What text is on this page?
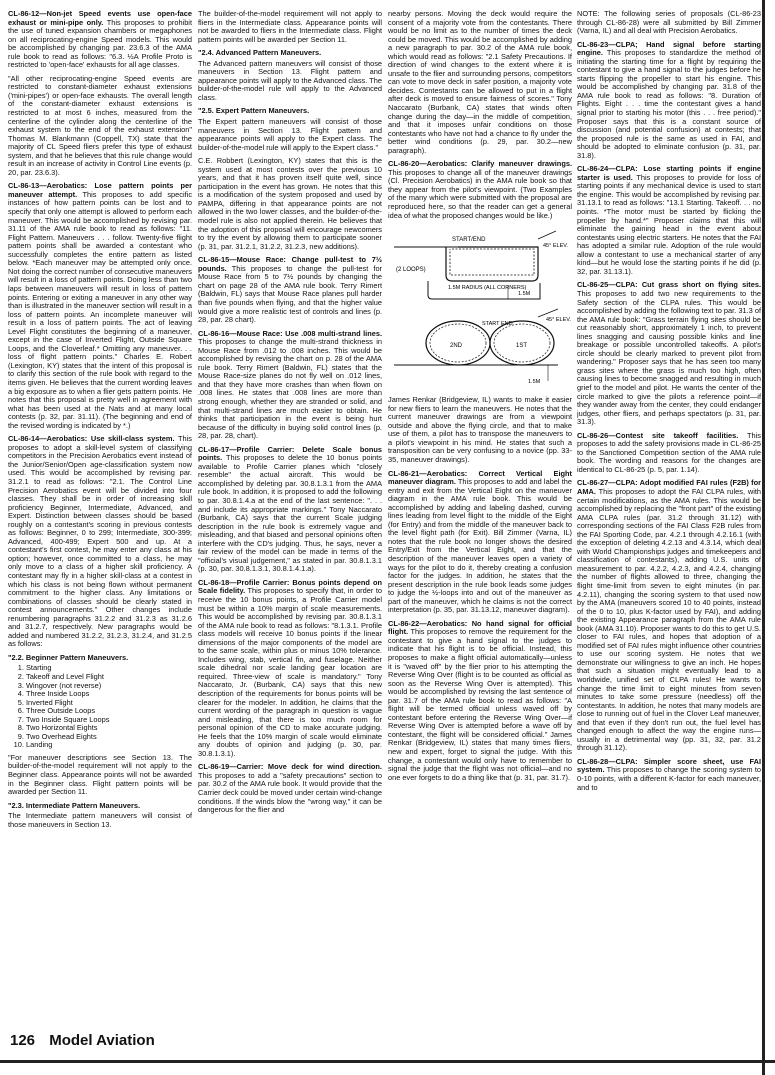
CL-86-12—Non-jet Speed events use open-face exhaust or mini-pipe only. This proposes to prohibit the use of tuned expansion chambers or megaphones on all reciprocating-engine Speed models. This would be accomplished by changing par. 23.6.3 of the AMA rule book to read as follows: "6.3. ½A Profile Proto is restricted to 'open-face' exhausts for all age classes.

"All other reciprocating-engine Speed events are restricted to constant-diameter exhaust extensions ('mini-pipes') or open-face exhausts. The overall length of the constant-diameter exhaust extensions is restricted to at most 6 inches, measured from the centerline of the cylinder along the centerline of the exhaust system to the end of the exhaust extension" Thomas M. Blankmann (Coppell, TX) state that the majority of CL Speed fliers prefer this type of exhaust system, and that he believes that this rule change would result in an increase of activity in Control Line events (p. 20, par. 23.6.3).

CL-86-13—Aerobatics: Lose pattern points per maneuver attempt. This proposes to add specific instances of how pattern points can be lost and to specify that only one attempt is allowed to perform each maneuver. This would be accomplished by revising par. 31.11 of the AMA rule book to read as follows: "11. Flight Pattern. Maneuvers . . . follow. Twenty-five flight pattern points shall be awarded a contestant who successfully completes the entire pattern as listed below. *Each maneuver may be attempted only once. Not doing the correct number of consecutive maneuvers will result in a loss of pattern points. Doing less than two laps between maneuvers will result in loss of pattern points. Entering or exiting a maneuver in any other way than is illustrated in the maneuver section will result in a loss of pattern points. An incomplete maneuver will result in a loss of pattern points. The act of leaving Level Flight constitutes the beginning of a maneuver, except in the case of Inverted Flight, Outside Square Loops, and the Cloverleaf.* Omitting any maneuver. . . loss of flight pattern points." Charles E. Robert (Lexington, KY) states that the intent of this proposal is to clarify this section of the rule book with regard to the items given. He believes that the current wording leaves a big exposure as to when a flier gets pattern points. He notes that this proposal is pretty well in agreement with what has been used at the Nats and at many local contests (p. 32, par. 31.11). (The beginning and end of the revised wording is indicated by *.)

CL-86-14—Aerobatics: Use skill-class system. This proposes to adopt a skill-level system of classifying competitors in the Precision Aerobatics event instead of the Junior/Senior/Open age-classification system now used. This would be accomplished by revising par. 31.2.1 to read as follows: "2.1. The Control Line Precision Aerobatics event will be divided into four classes. They shall be in order of increasing skill proficiency Beginner, Intermediate, Advanced, and Expert. Distinction between classes should be based roughly on a contestant's scoring in previous contests as follows: Beginner, 0 to 299; Intermediate, 300-399; Advanced, 400-499; Expert 500 and up. At a contestant's first contest, he may enter any class at his option; however, once committed to a class, he may only move to a class of a higher skill proficiency. A contestant may fly in a higher skill-class at a contest in which his class is not being flown without permanent commitment to the higher class. Any limitations or combinations of classes should be clearly stated in contest announcements." Other changes include renumbering paragraphs 31.2.2 and 31.2.3 as 31.2.6 and 31.2.7, respectively. New paragraphs would be added and numbered 31.2.2, 31.2.3, 31.2.4, and 31.2.5 as follows:

"2.2. Beginner Pattern Maneuvers.
1. Starting
2. Takeoff and Level Flight
3. Wingover (not reverse)
4. Three Inside Loops
5. Inverted Flight
6. Three Outside Loops
7. Two Inside Square Loops
8. Two Horizontal Eights
9. Two Overhead Eights
10. Landing

"For maneuver descriptions see Section 13. The builder-of-the-model requirement will not apply to the Beginner class. Appearance points will not be awarded in the Beginner class. Flight pattern points will be awarded per Section 11.

"2.3. Intermediate Pattern Maneuvers.

The Intermediate pattern maneuvers will consist of those maneuvers in Section 13.

The builder-of-the-model requirement will not apply to fliers in the Intermediate class. Appearance points will not be awarded to fliers in the Intermediate class. Flight pattern points will be awarded per Section 11.

"2.4. Advanced Pattern Maneuvers.

The Advanced pattern maneuvers will consist of those maneuvers in Section 13. Flight pattern and appearance points will apply to the Advanced class. The builder-of-the-model rule will apply to the Advanced class.

"2.5. Expert Pattern Maneuvers.

The Expert pattern maneuvers will consist of those maneuvers in Section 13. Flight pattern and appearance points will apply to the Expert class. The builder-of-the-model rule will apply to the Expert class."

C.E. Robbert (Lexington, KY) states that this is the system used at most contests over the previous 10 years, and that it has proven itself quite well, since participation in the event has grown. He notes that this is a modification of the system proposed and used by PAMPA, differing in that appearance points are not allowed in the two lower classes, and the builder-of-the-model rule is also not applied therein. He believes that the adoption of this proposal will encourage newcomers to try the event by allowing them to participate sooner (p. 31, par. 31.2.1, 31.2.2, 31.2.3, new additions).

CL-86-15—Mouse Race: Change pull-test to 7½ pounds. This proposes to change the pull-test for Mouse Race from 5 to 7½ pounds by changing the chart on page 28 of the AMA rule book. Terry Rimert (Baldwin, FL) says that Mouse Race planes pull harder than five pounds when flying, and that the higher value would give a more realistic test of controls and lines (p. 28, par. 28 chart).

CL-86-16—Mouse Race: Use .008 multi-strand lines. This proposes to change the multi-strand thickness in Mouse Race from .012 to .008 inches. This would be accomplished by revising the chart on p. 28 of the AMA rule book. Terry Rimert (Baldwin, FL) states that the Mouse Race-size planes do not fly well on .012 lines, and that they have more crashes than when flown on .008 lines. He states that .008 lines are more than strong enough, whether they are stranded or solid, and that multi-strand lines are much easier to obtain. He thinks that participation in the event is being hurt because of the difficulty in buying solid control lines (p. 28, par. 28, chart).

CL-86-17—Profile Carrier: Delete Scale bonus points. This proposes to delete the 10 bonus points available to Profile Carrier planes which "closely resemble" the actual aircraft. This would be accomplished by deleting par. 30.8.1.3.1 from the AMA rule book. In addition, it is proposed to add the following to par. 30.8.1.4.a at the end of the last sentence: ". . . and include its appropriate markings." Tony Naccarato (Burbank, CA) says that the current Scale judging description in the rule book is extremely vague and misleading, and that biased and personal opinions often interfere with the CD's judging. Thus, he says, never a fair review of the model can be made in terms of the "official's visual judgement," as stated in par. 30.8.1.3.1 (p. 30, par. 30.8.1.3.1, 30.8.1.4.1.a).

CL-86-18—Profile Carrier: Bonus points depend on Scale fidelity. This proposes to specify that, in order to receive the 10 bonus points, a Profile Carrier model must be within a 10% margin of scale measurements. This would be accomplished by revising par. 30.8.1.3.1 of the AMA rule book to read as follows: "8.1.3.1. Profile class models will receive 10 bonus points if the linear dimensions of the major components of the model are to the same scale, within plus or minus 10% tolerance. Includes wing, stab, vertical fin, and fuselage. Neither scale dihedral nor scale landing gear location are required. Three-view of scale is mandatory." Tony Naccarato, Jr. (Burbank, CA) says that this new description of the requirements for bonus points will be clearer for the modeler. In addition, he claims that the current wording of the paragraph in question is vague and misleading, that there is too much room for personal opinion of the CD to make accurate judging. He feels that the 10% margin of scale would eliminate any doubts of opinion and judging (p. 30, par. 30.8.1.3.1).

CL-86-19—Carrier: Move deck for wind direction. This proposes to add a "safety precautions" section to par. 30.2 of the AMA rule book. It would provide that the Carrier deck could be moved under certain wind-change conditions. If the winds blow the "wrong way," it can be dangerous for the flier and

nearby persons. Moving the deck would require the consent of a majority vote from the contestants. There would be no limit as to the number of times the deck could be moved. This would be accomplished by adding a new paragraph to par. 30.2 of the AMA rule book, which would read as follows: "2.1 Safety Precautions. If direction of wind changes to the extent where it is unsafe to the flier and surrounding persons, competitors can vote to move deck in safer position, a majority vote decides. Contestants can be allowed to put in a flight after deck is moved to ensure fairness of scores." Tony Naccarato (Burbank, CA) states that winds often change during the day—in the middle of competition, and that it imposes unfair conditions on those contestants who have not had a chance to fly under the better wind conditions (p. 29, par. 30.2—new paragraph).

CL-86-20—Aerobatics: Clarify maneuver drawings. This proposes to change all of the maneuver drawings (Cl. Precision Aerobatics) in the AMA rule book so that they appear from the pilot's viewpoint. (Two Examples of the many which were submitted with the proposal are reproduced here, so that the reader can get a general idea of what the proposed changes would be like.)

START/END
45° ELEV.
(2 LOOPS)
1.5M RADIUS (ALL CORNERS)
1.5M
START END
2ND	1ST
45° ELEV.
1.5M

James Renkar (Bridgeview, IL) wants to make it easier for new fliers to learn the maneuvers. He notes that the current maneuver drawings are from a viewpoint outside and above the flying circle, and that to make use of them, a pilot has to transpose the maneuvers to a pilot's viewpoint in his mind. He states that such a transposition can be very confusing to a novice (pp. 33-35, maneuver drawings).

CL-86-21—Aerobatics: Correct Vertical Eight maneuver diagram. This proposes to add and label the entry and exit from the Vertical Eight on the maneuver diagram in the AMA rule book. This would be accomplished by adding and labeling dashed, curving lines leading from level flight to the middle of the Eight (for Entry) and from the middle of the maneuver back to the level flight path (for Exit). Bill Zimmer (Varna, IL) notes that the rule book no longer shows the desired Entry/Exit from the Vertical Eight, and that the description of the maneuver leaves open a variety of ways for the pilot to do it, thereby creating a confusion factor for the judges. In addition, he states that the present description in the rule book leads some judges to judge the ½-loops into and out of the maneuver as part of the maneuver, which he claims is not the correct interpretation (p. 35, par. 31.13.12, maneuver diagram).

CL-86-22—Aerobatics: No hand signal for official flight. This proposes to remove the requirement for the contestant to give a hand signal to the judges to indicate that his flight is to be official. Instead, this proposes to make a flight official automatically—unless it is "waved off" by the flier prior to his attempting the Reverse Wing Over (flight is to be counted as official as soon as the Reverse Wing Over is attempted). This would be accomplished by revising the last sentence of par. 31.7 of the AMA rule book to read as follows: "A flight will be termed official unless waved off by contestant before entering the Reverse Wing Over—if Reverse Wing Over is attempted before a wave off by contestant, the flight will be considered official." James Renkar (Bridgeview, IL) states that many times fliers, new and expert, forget to signal the judge. With this change, a contestant would only have to remember to signal the judge that the flight was not official—and no one ever forgets to do a thing like that (p. 31, par. 31.7).

NOTE: The following series of proposals (CL-86-23 through CL-86-28) were all submitted by Bill Zimmer (Varna, IL) and all deal with Precision Aerobatics.

CL-86-23—CLPA; Hand signal before starting engine. This proposes to standardize the method of initiating the starting time for a flight by requiring the contestant to give a hand signal to the judges before he starts flipping the propeller to start his engine. This would be accomplished by changing par. 31.8 of the AMA rule book to read as follows: "8. Duration of Flights. Eight . . . time the contestant gives a hand signal prior to starting his motor (this . . . free period)." Proposer says that this is a constant source of discussion (and potential confusion) at contests; that the proposed rule is the same as used in FAI, and should be adopted to eliminate confusion (p. 31, par. 31.8).

CL-86-24—CLPA: Lose starting points if engine starter is used. This proposes to provide for loss of starting points if any mechanical device is used to start the engine. This would be accomplished by revising par. 31.13.1 to read as follows: "13.1 Starting. Takeoff. . . no points. *The motor must be started by flicking the propeller by hand.*" Proposer claims that this will eliminate the gaining head in the event about contestants using electric starters. He notes that the FAI has adopted a similar rule. Adoption of the rule would allow a contestant to use a mechanical starter of any kind—but he would lose the starting points if he did (p. 32, par. 31.13.1).

CL-86-25—CLPA: Cut grass short on flying sites. This proposes to add two new requirements to the Safety section of the CLPA rules. This would be accomplished by adding the following text to par. 31.3 of the AMA rule book: "Grass terrain flying sites should be cut reasonably short, approximately 1 inch, to prevent lines snagging and causing possible kinks and line breakage or possible uncontrolled takeoffs. A pilot's circle should be clearly marked to prevent pilot from wandering." Proposer says that he has seen too many grass sites where the grass is much too high, often causing lines to become snagged and resulting in much grief to the model and pilot. He wants the center of the circle marked to give the pilots a reference point—if they wander away from the center, they could endanger judges, other fliers, and perhaps spectators (p. 31, par. 31.3).

CL-86-26—Contest site takeoff facilities. This proposes to add the safety provisions made in CL-86-25 to the Sanctioned Competition section of the AMA rule book. The wording and reasons for the changes are identical to CL-86-25 (p. 5, par. 1.14).

CL-86-27—CLPA: Adopt modified FAI rules (F2B) for AMA. This proposes to adopt the FAI CLPA rules, with certain modifications, as the AMA rules. This would be accomplished by replacing the "front part" of the existing AMA CLPA rules (par. 31.2 through 31.12) with corresponding sections of the FAI Class F2B rules from the FAI Sporting Code, par. 4.2.1 through 4.2.16.1 (with the exception of deleting 4.2.13 and 4.3.14, which deal with World Championships judges and timekeepers and classification of contestants), adding U.S. units of measurement to par. 4.2.2, 4.2.3, and 4.2.4, changing the number of flights allowed to three, changing the flight time-limit from seven to eight minutes (in par. 4.2.11), changing the scoring system to that used now by the AMA (maneuvers scored 10 to 40 points, instead of the 0 to 10, plus K-factor used by FAI), and adding the existing Appearance paragraph from the AMA rule book (AMA 31.10). Proposer wants to do this to get U.S. closer to FAI rules, and hopes that adoption of a modified set of FAI rules might influence other countries to use our scoring system. He notes that we demonstrate our willingness to give an inch. He hopes that such a situation might eventually lead to a worldwide, unified set of CLPA rules! He wants to change the time limit to eight minutes from seven minutes to take some pressure (needless) off the contestants. In addition, he notes that many models are close to running out of fuel in the Clover Leaf maneuver, and that even if they don't run out, the fuel level has changed enough to affect the way the engine runs—usually in a detrimental way (pp. 31, 32, par. 31.2 through 31.12).

CL-86-28—CLPA: Simpler score sheet, use FAI system. This proposes to change the scoring system to 0-10 points, with a different K-factor for each maneuver, and to

126 Model Aviation
